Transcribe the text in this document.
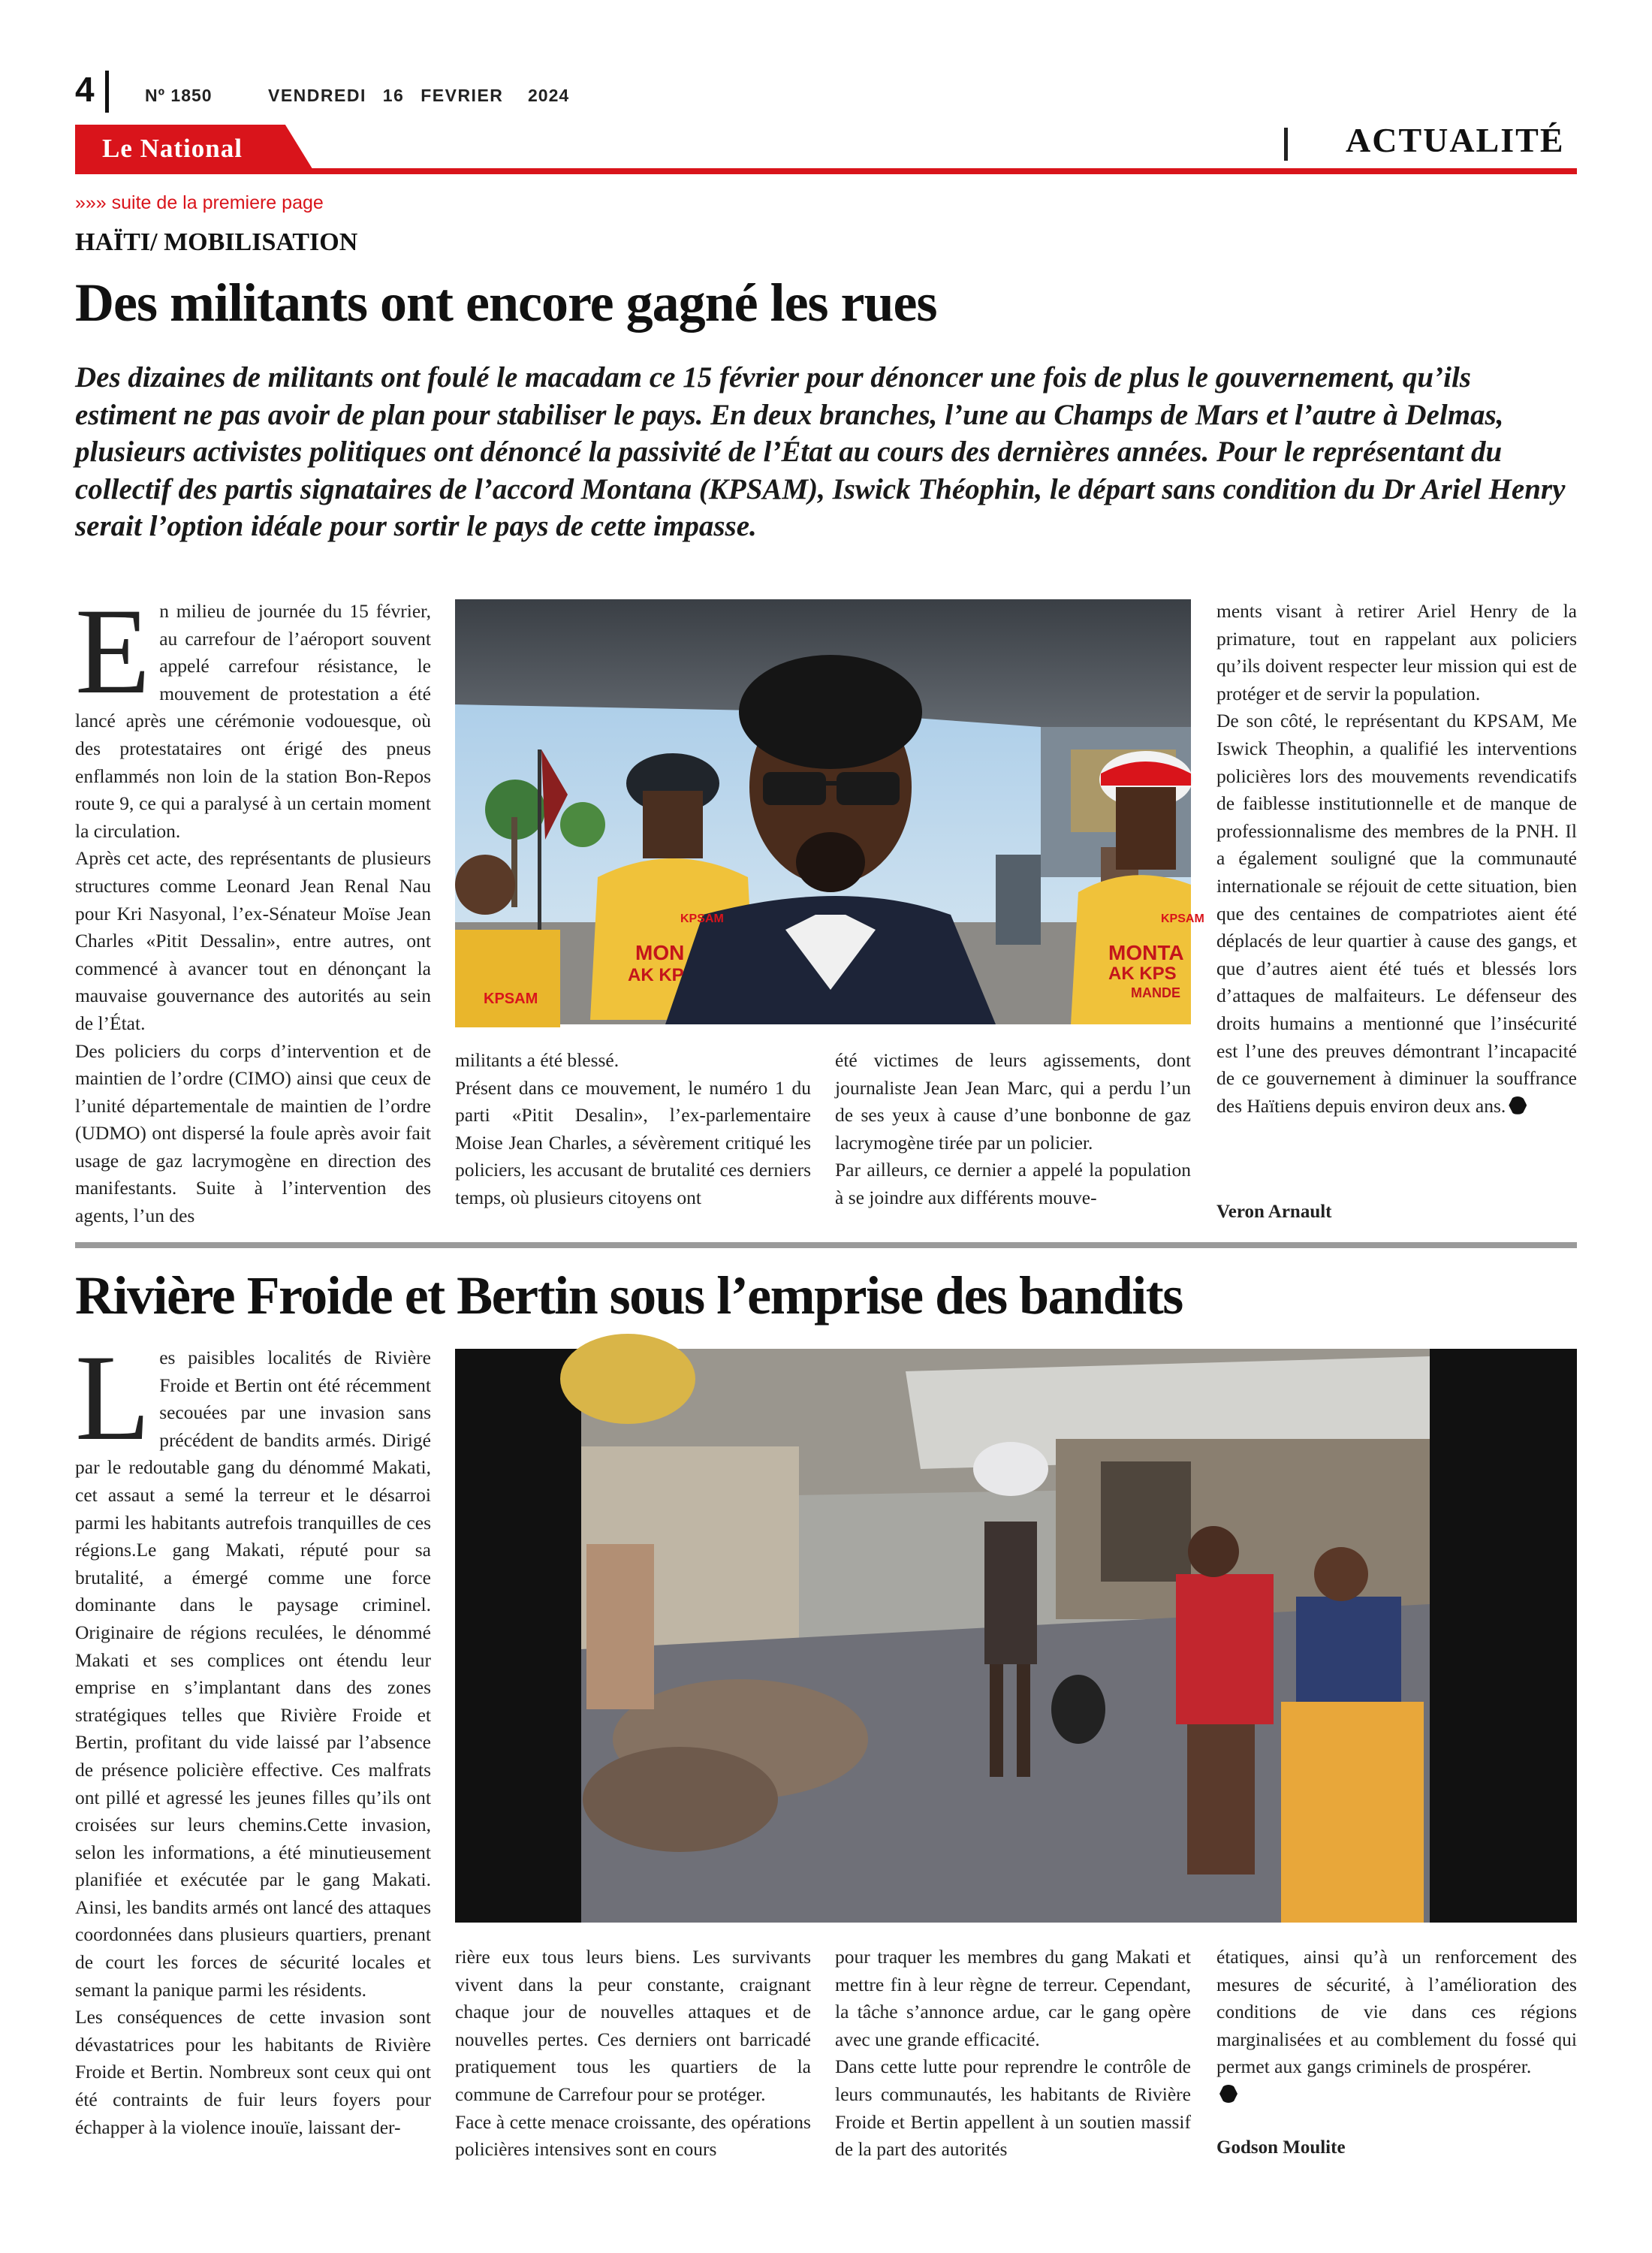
4	Nº 1850	VENDREDI 16 FEVRIER 2024
Le National	ACTUALITÉ
»»» suite de la premiere page
HAÏTI/ MOBILISATION
Des militants ont encore gagné les rues
Des dizaines de militants ont foulé le macadam ce 15 février pour dénoncer une fois de plus le gouvernement, qu’ils estiment ne pas avoir de plan pour stabiliser le pays. En deux branches, l’une au Champs de Mars et l’autre à Delmas, plusieurs activistes politiques ont dénoncé la passivité de l’État au cours des dernières années. Pour le représentant du collectif des partis signataires de l’accord Montana (KPSAM), Iswick Théophin, le départ sans condition du Dr Ariel Henry serait l’option idéale pour sortir le pays de cette impasse.
E n milieu de journée du 15 février, au carrefour de l’aéroport souvent appelé carrefour résistance, le mouvement de protestation a été lancé après une cérémonie vodouesque, où des protestataires ont érigé des pneus enflammés non loin de la station Bon-Repos route 9, ce qui a paralysé à un certain moment la circulation.

Après cet acte, des représentants de plusieurs structures comme Leonard Jean Renal Nau pour Kri Nasyonal, l’ex-Sénateur Moïse Jean Charles «Pitit Dessalin», entre autres, ont commencé à avancer tout en dénonçant la mauvaise gouvernance des autorités au sein de l’État.

Des policiers du corps d’intervention et de maintien de l’ordre (CIMO) ainsi que ceux de l’unité départementale de maintien de l’ordre (UDMO) ont dispersé la foule après avoir fait usage de gaz lacrymogène en direction des manifestants. Suite à l’intervention des agents, l’un des

KPSAM
KPSAM
MON
AK KP
KPSAM
MONTA
AK KPS
MANDE

militants a été blessé.

Présent dans ce mouvement, le numéro 1 du parti «Pitit Desalin», l’ex-parlementaire Moise Jean Charles, a sévèrement critiqué les policiers, les accusant de brutalité ces derniers temps, où plusieurs citoyens ont

été victimes de leurs agissements, dont journaliste Jean Jean Marc, qui a perdu l’un de ses yeux à cause d’une bonbonne de gaz lacrymogène tirée par un policier.

Par ailleurs, ce dernier a appelé la population à se joindre aux différents mouve-

ments visant à retirer Ariel Henry de la primature, tout en rappelant aux policiers qu’ils doivent respecter leur mission qui est de protéger et de servir la population.

De son côté, le représentant du KPSAM, Me Iswick Theophin, a qualifié les interventions policières lors des mouvements revendicatifs de faiblesse institutionnelle et de manque de professionnalisme des membres de la PNH. Il a également souligné que la communauté internationale se réjouit de cette situation, bien que des centaines de compatriotes aient été déplacés de leur quartier à cause des gangs, et que d’autres aient été tués et blessés lors d’attaques de malfaiteurs. Le défenseur des droits humains a mentionné que l’insécurité est l’une des preuves démontrant l’incapacité de ce gouvernement à diminuer la souffrance des Haïtiens depuis environ deux ans.

Veron Arnault
Rivière Froide et Bertin sous l’emprise des bandits
L es paisibles localités de Rivière Froide et Bertin ont été récemment secouées par une invasion sans précédent de bandits armés. Dirigé par le redoutable gang du dénommé Makati, cet assaut a semé la terreur et le désarroi parmi les habitants autrefois tranquilles de ces régions.Le gang Makati, réputé pour sa brutalité, a émergé comme une force dominante dans le paysage criminel. Originaire de régions reculées, le dénommé Makati et ses complices ont étendu leur emprise en s’implantant dans des zones stratégiques telles que Rivière Froide et Bertin, profitant du vide laissé par l’absence de présence policière effective. Ces malfrats ont pillé et agressé les jeunes filles qu’ils ont croisées sur leurs chemins.Cette invasion, selon les informations, a été minutieusement planifiée et exécutée par le gang Makati. Ainsi, les bandits armés ont lancé des attaques coordonnées dans plusieurs quartiers, prenant de court les forces de sécurité locales et semant la panique parmi les résidents.

Les conséquences de cette invasion sont dévastatrices pour les habitants de Rivière Froide et Bertin. Nombreux sont ceux qui ont été contraints de fuir leurs foyers pour échapper à la violence inouïe, laissant der-

rière eux tous leurs biens. Les survivants vivent dans la peur constante, craignant chaque jour de nouvelles attaques et de nouvelles pertes. Ces derniers ont barricadé pratiquement tous les quartiers de la commune de Carrefour pour se protéger.

Face à cette menace croissante, des opérations policières intensives sont en cours

pour traquer les membres du gang Makati et mettre fin à leur règne de terreur. Cependant, la tâche s’annonce ardue, car le gang opère avec une grande efficacité.

Dans cette lutte pour reprendre le contrôle de leurs communautés, les habitants de Rivière Froide et Bertin appellent à un soutien massif de la part des autorités

étatiques, ainsi qu’à un renforcement des mesures de sécurité, à l’amélioration des conditions de vie dans ces régions marginalisées et au comblement du fossé qui permet aux gangs criminels de prospérer.

Godson Moulite
